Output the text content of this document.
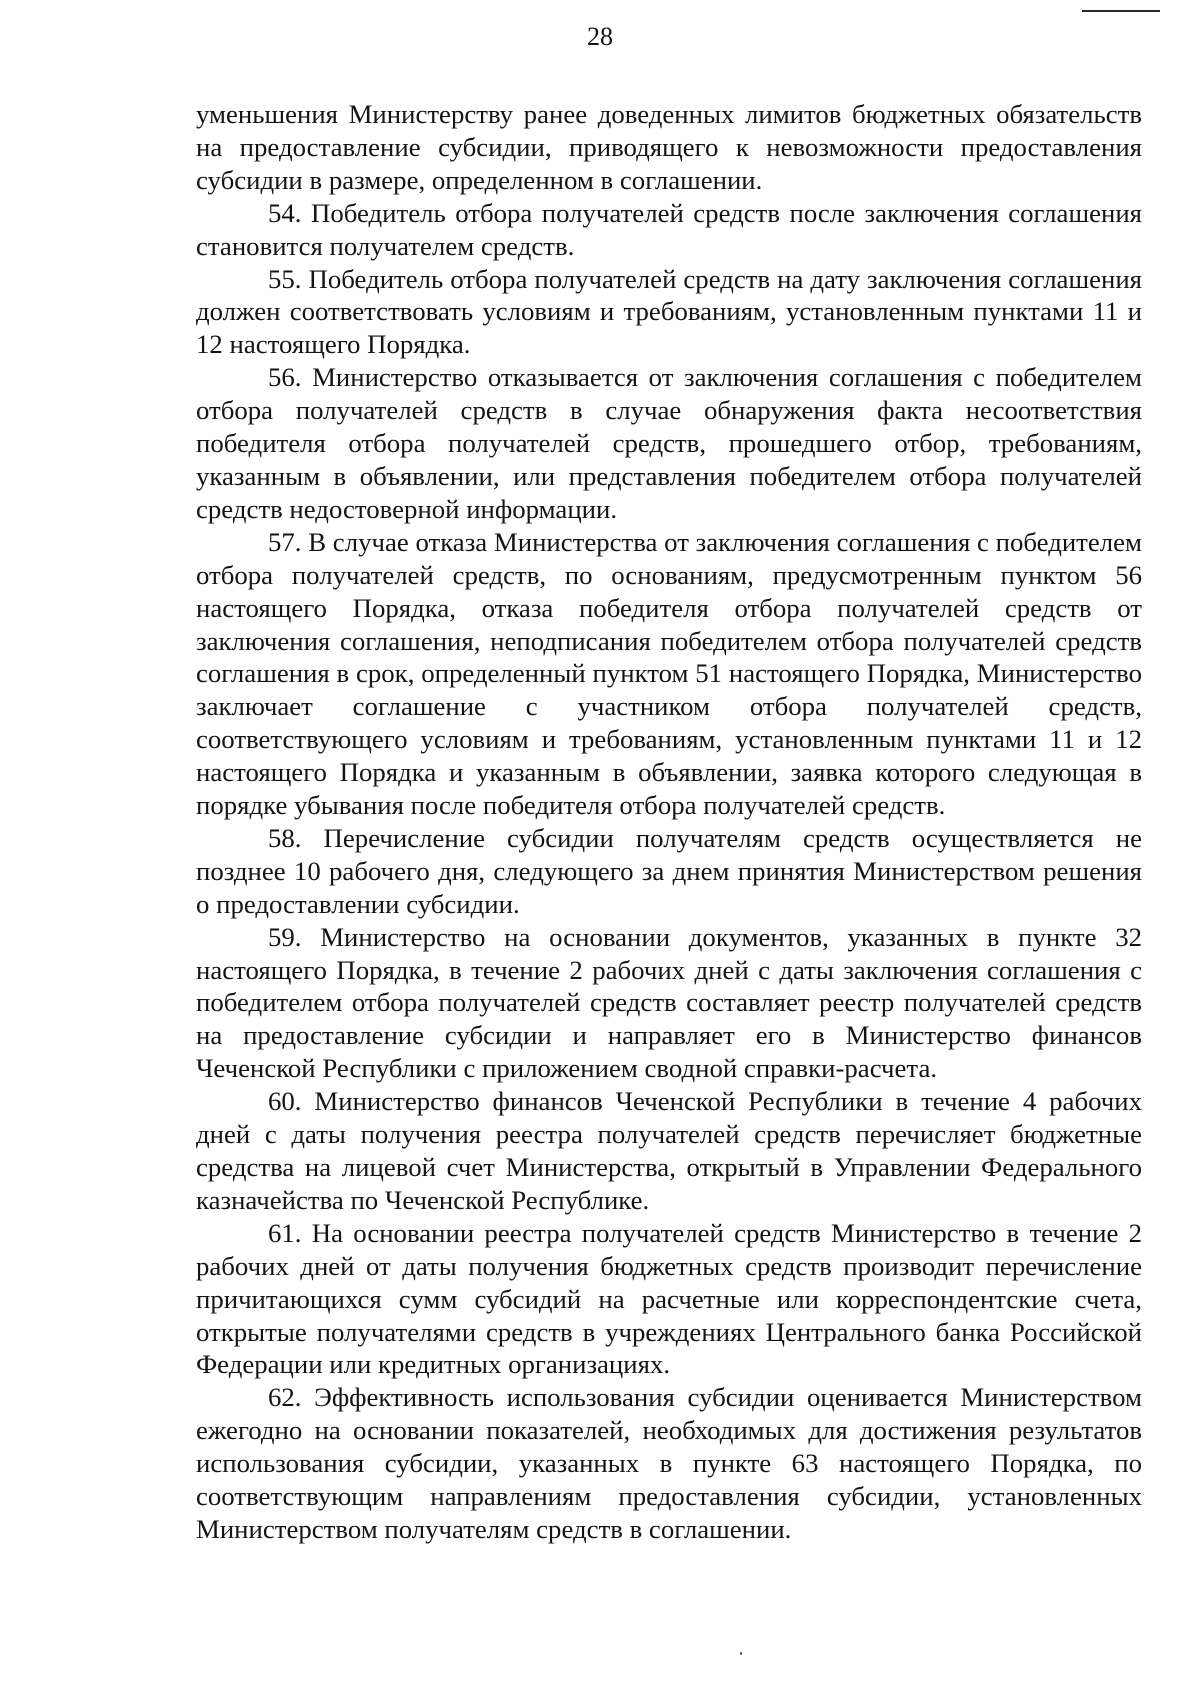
28

уменьшения Министерству ранее доведенных лимитов бюджетных обязательств на предоставление субсидии, приводящего к невозможности предоставления субсидии в размере, определенном в соглашении.

54. Победитель отбора получателей средств после заключения соглашения становится получателем средств.

55. Победитель отбора получателей средств на дату заключения соглашения должен соответствовать условиям и требованиям, установленным пунктами 11 и 12 настоящего Порядка.

56. Министерство отказывается от заключения соглашения с победителем отбора получателей средств в случае обнаружения факта несоответствия победителя отбора получателей средств, прошедшего отбор, требованиям, указанным в объявлении, или представления победителем отбора получателей средств недостоверной информации.

57. В случае отказа Министерства от заключения соглашения с победителем отбора получателей средств, по основаниям, предусмотренным пунктом 56 настоящего Порядка, отказа победителя отбора получателей средств от заключения соглашения, неподписания победителем отбора получателей средств соглашения в срок, определенный пунктом 51 настоящего Порядка, Министерство заключает соглашение с участником отбора получателей средств, соответствующего условиям и требованиям, установленным пунктами 11 и 12 настоящего Порядка и указанным в объявлении, заявка которого следующая в порядке убывания после победителя отбора получателей средств.

58. Перечисление субсидии получателям средств осуществляется не позднее 10 рабочего дня, следующего за днем принятия Министерством решения о предоставлении субсидии.

59. Министерство на основании документов, указанных в пункте 32 настоящего Порядка, в течение 2 рабочих дней с даты заключения соглашения с победителем отбора получателей средств составляет реестр получателей средств на предоставление субсидии и направляет его в Министерство финансов Чеченской Республики с приложением сводной справки-расчета.

60. Министерство финансов Чеченской Республики в течение 4 рабочих дней с даты получения реестра получателей средств перечисляет бюджетные средства на лицевой счет Министерства, открытый в Управлении Федерального казначейства по Чеченской Республике.

61. На основании реестра получателей средств Министерство в течение 2 рабочих дней от даты получения бюджетных средств производит перечисление причитающихся сумм субсидий на расчетные или корреспондентские счета, открытые получателями средств в учреждениях Центрального банка Российской Федерации или кредитных организациях.

62. Эффективность использования субсидии оценивается Министерством ежегодно на основании показателей, необходимых для достижения результатов использования субсидии, указанных в пункте 63 настоящего Порядка, по соответствующим направлениям предоставления субсидии, установленных Министерством получателям средств в соглашении.
